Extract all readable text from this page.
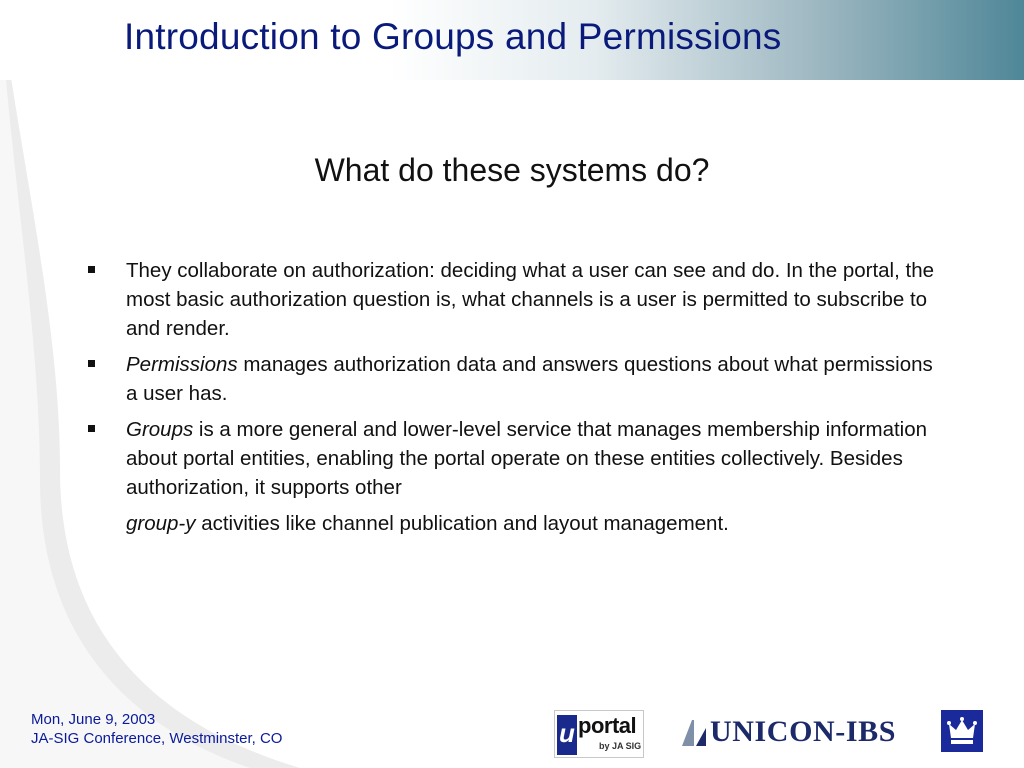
Introduction to Groups and Permissions
What do these systems do?
They collaborate on authorization: deciding what a user can see and do. In the portal, the most basic authorization question is, what channels is a user is permitted to subscribe to and render.
Permissions manages authorization data and answers questions about what permissions a user has.
Groups is a more general and lower-level service that manages membership information about portal entities, enabling the portal operate on these entities collectively. Besides authorization, it supports other
group-y activities like channel publication and layout management.
Mon, June 9, 2003
JA-SIG Conference, Westminster, CO	u portal
by JA SIG UNICON-IBS
